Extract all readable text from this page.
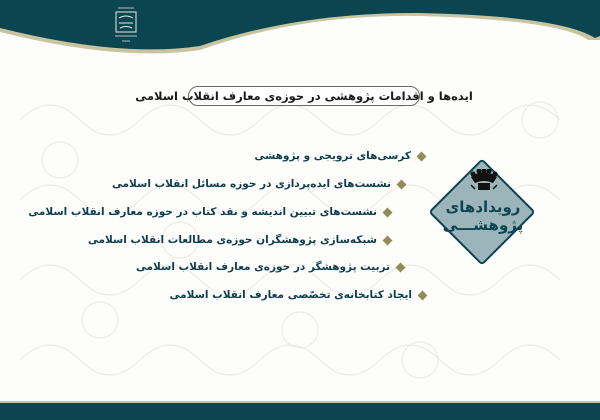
ایده‌ها و اقدامات پژوهشی در حوزه‌ی معارف انقلاب اسلامی
کرسی‌های ترویجی و پژوهشی
نشست‌های ایده‌پردازی در حوزه مسائل انقلاب اسلامی
نشست‌های تبیین اندیشه و نقد کتاب در حوزه معارف انقلاب اسلامی
شبکه‌سازی پژوهشگران حوزه‌ی مطالعات انقلاب اسلامی
تربیت پژوهشگر در حوزه‌ی معارف انقلاب اسلامی
ایجاد کتابخانه‌ی تخصّصی معارف انقلاب اسلامی
رویدادهای
پژوهشـــی
